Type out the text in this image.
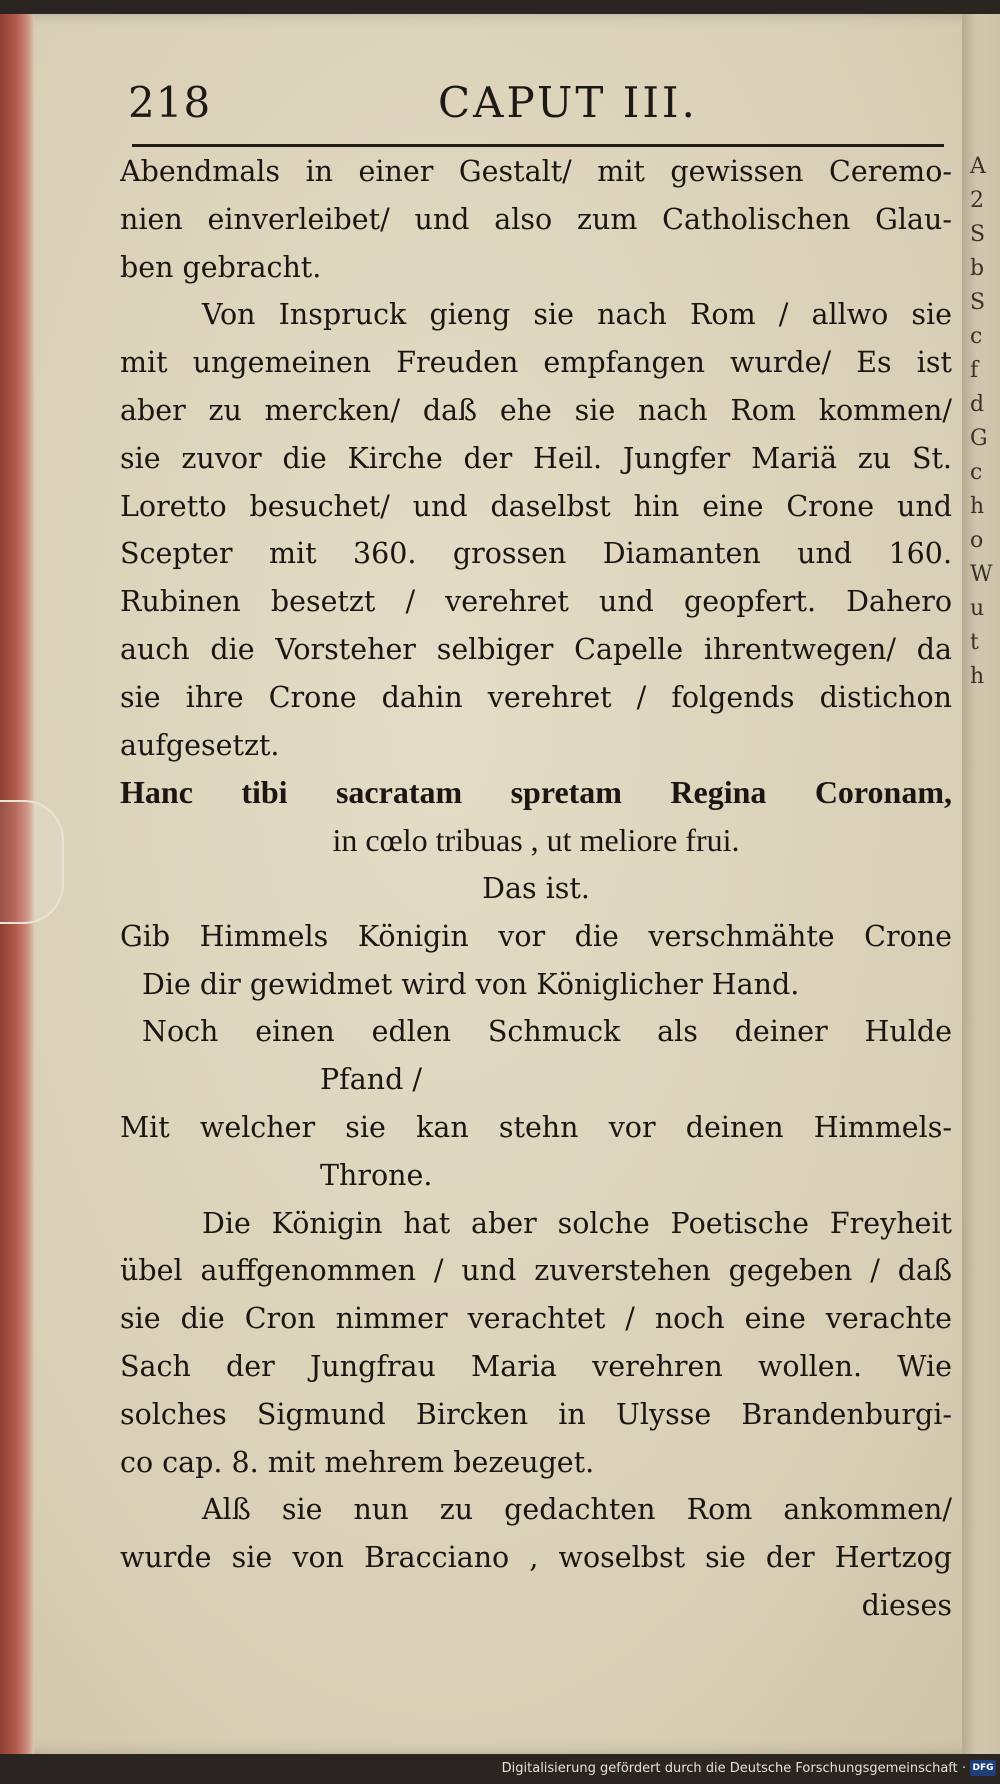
A
2
S
b
S
c
f
d
G
c
h
o
W
u
t
h
218	CAPUT III.
Abendmals in einer Gestalt/ mit gewissen Ceremo-
nien einverleibet/ und also zum Catholischen Glau-
ben gebracht.
Von Inspruck gieng sie nach Rom / allwo sie
mit ungemeinen Freuden empfangen wurde/ Es ist
aber zu mercken/ daß ehe sie nach Rom kommen/
sie zuvor die Kirche der Heil. Jungfer Mariä zu St.
Loretto besuchet/ und daselbst hin eine Crone und
Scepter mit 360. grossen Diamanten und 160.
Rubinen besetzt / verehret und geopfert. Dahero
auch die Vorsteher selbiger Capelle ihrentwegen/ da
sie ihre Crone dahin verehret / folgends distichon
aufgesetzt.
Hanc tibi sacratam spretam Regina Coronam,
in cœlo tribuas , ut meliore frui.
Das ist.
Gib Himmels Königin vor die verschmähte Crone
Die dir gewidmet wird von Königlicher Hand.
Noch einen edlen Schmuck als deiner Hulde
Pfand /
Mit welcher sie kan stehn vor deinen Himmels-
Throne.
Die Königin hat aber solche Poetische Freyheit
übel auffgenommen / und zuverstehen gegeben / daß
sie die Cron nimmer verachtet / noch eine verachte
Sach der Jungfrau Maria verehren wollen. Wie
solches Sigmund Bircken in Ulysse Brandenburgi-
co cap. 8. mit mehrem bezeuget.
Alß sie nun zu gedachten Rom ankommen/
wurde sie von Bracciano , woselbst sie der Hertzog
dieses
Digitalisierung gefördert durch die Deutsche Forschungsgemeinschaft · DFG
